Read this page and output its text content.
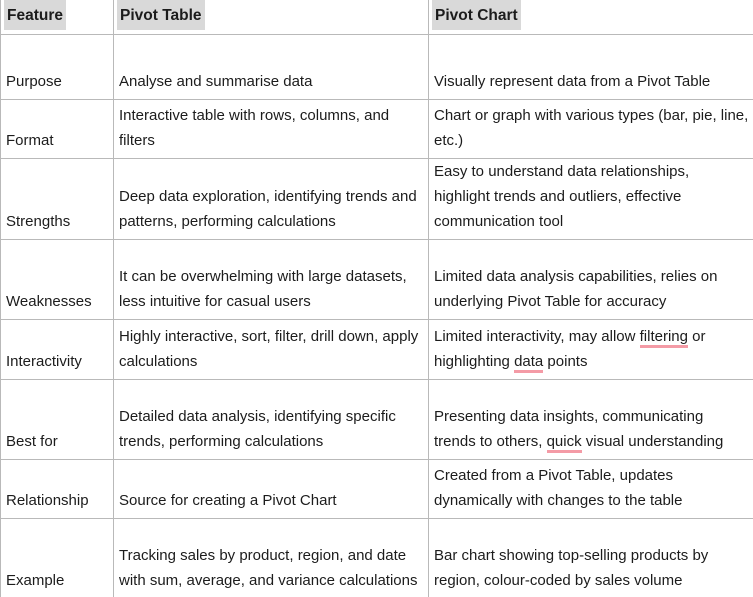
Feature	Pivot Table	Pivot Chart
Purpose	Analyse and summarise data	Visually represent data from a Pivot Table
Format	Interactive table with rows, columns, and filters	Chart or graph with various types (bar, pie, line, etc.)
Strengths	Deep data exploration, identifying trends and patterns, performing calculations	Easy to understand data relationships, highlight trends and outliers, effective communication tool
Weaknesses	It can be overwhelming with large datasets, less intuitive for casual users	Limited data analysis capabilities, relies on underlying Pivot Table for accuracy
Interactivity	Highly interactive, sort, filter, drill down, apply calculations	Limited interactivity, may allow filtering or highlighting data points
Best for	Detailed data analysis, identifying specific trends, performing calculations	Presenting data insights, communicating trends to others, quick visual understanding
Relationship	Source for creating a Pivot Chart	Created from a Pivot Table, updates dynamically with changes to the table
Example	Tracking sales by product, region, and date with sum, average, and variance calculations	Bar chart showing top-selling products by region, colour-coded by sales volume
